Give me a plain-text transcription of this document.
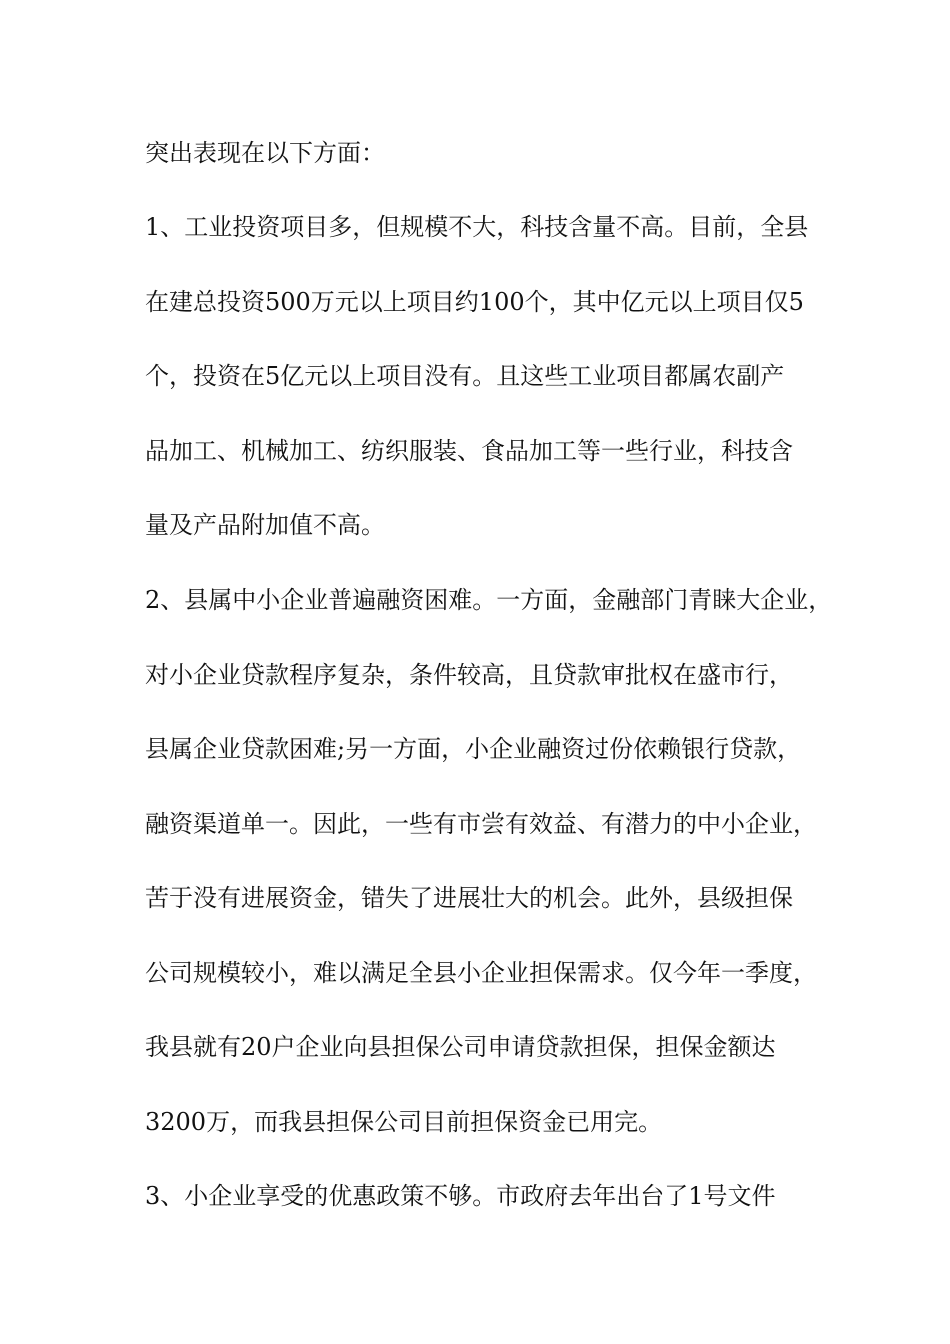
突出表现在以下方面：
1、工业投资项目多，但规模不大，科技含量不高。目前，全县
在建总投资500万元以上项目约100个，其中亿元以上项目仅5
个，投资在5亿元以上项目没有。且这些工业项目都属农副产
品加工、机械加工、纺织服装、食品加工等一些行业，科技含
量及产品附加值不高。
2、县属中小企业普遍融资困难。一方面，金融部门青睐大企业，
对小企业贷款程序复杂，条件较高，且贷款审批权在盛市行，
县属企业贷款困难;另一方面，小企业融资过份依赖银行贷款，
融资渠道单一。因此，一些有市尝有效益、有潜力的中小企业，
苦于没有进展资金，错失了进展壮大的机会。此外，县级担保
公司规模较小，难以满足全县小企业担保需求。仅今年一季度，
我县就有20户企业向县担保公司申请贷款担保，担保金额达
3200万，而我县担保公司目前担保资金已用完。
3、小企业享受的优惠政策不够。市政府去年出台了1号文件
